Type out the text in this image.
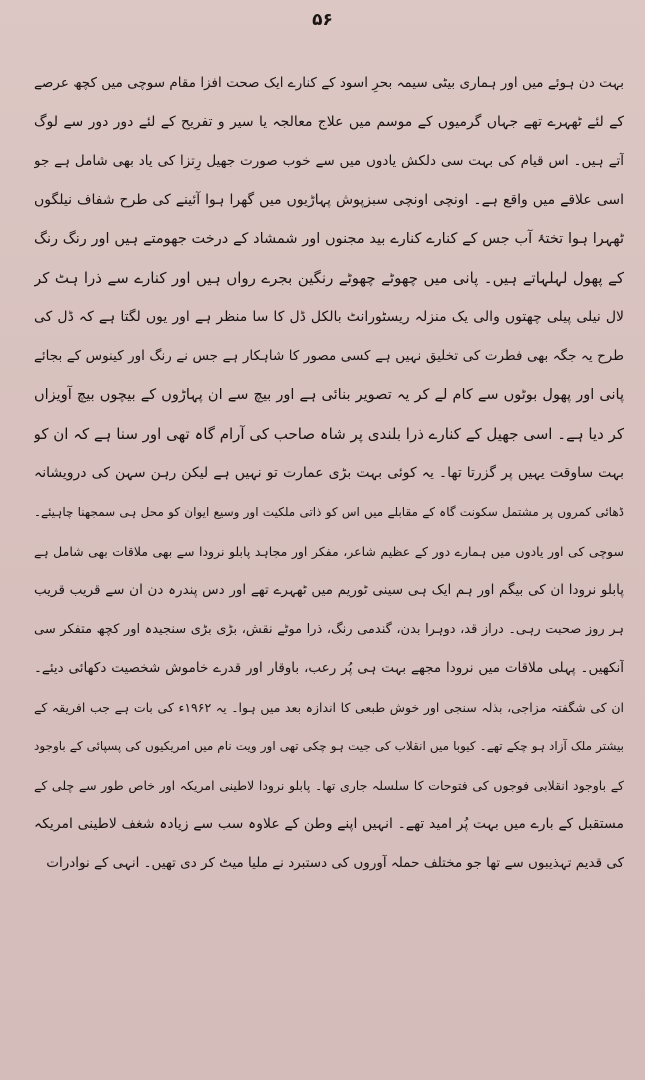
۵۶
بہت دن ہوئے میں اور ہماری بیٹی سیمہ بحرِ اسود کے کنارے ایک صحت افزا مقام سوچی میں کچھ عرصے
کے لئے ٹھہرے تھے جہاں گرمیوں کے موسم میں علاج معالجہ یا سیر و تفریح کے لئے دور دور سے لوگ
آتے ہیں۔ اس قیام کی بہت سی دلکش یادوں میں سے خوب صورت جھیل رِتزا کی یاد بھی شامل ہے جو
اسی علاقے میں واقع ہے۔ اونچی اونچی سبزپوش پہاڑیوں میں گھرا ہوا آئینے کی طرح شفاف نیلگوں
ٹھہرا ہوا تختۂ آب جس کے کنارے کنارے بید مجنوں اور شمشاد کے درخت جھومتے ہیں اور رنگ رنگ
کے پھول لہلہاتے ہیں۔ پانی میں چھوٹے چھوٹے رنگین بجرے رواں ہیں اور کنارے سے ذرا ہٹ کر
لال نیلی پیلی چھتوں والی یک منزلہ ریسٹورانٹ بالکل ڈل کا سا منظر ہے اور یوں لگتا ہے کہ ڈل کی
طرح یہ جگہ بھی فطرت کی تخلیق نہیں ہے کسی مصور کا شاہکار ہے جس نے رنگ اور کینوس کے بجائے
پانی اور پھول بوٹوں سے کام لے کر یہ تصویر بنائی ہے اور بیچ سے ان پہاڑوں کے بیچوں بیچ آویزاں
کر دیا ہے۔ اسی جھیل کے کنارے ذرا بلندی پر شاہ صاحب کی آرام گاہ تھی اور سنا ہے کہ ان کو
بہت ساوقت یہیں پر گزرتا تھا۔ یہ کوئی بہت بڑی عمارت تو نہیں ہے لیکن رہن سہن کی درویشانہ
ڈھائی کمروں پر مشتمل سکونت گاہ کے مقابلے میں اس کو ذاتی ملکیت اور وسیع ایوان کو محل ہی سمجھنا چاہیئے۔
سوچی کی اور یادوں میں ہمارے دور کے عظیم شاعر، مفکر اور مجاہد پابلو نرودا سے بھی ملاقات بھی شامل ہے
پابلو نرودا ان کی بیگم اور ہم ایک ہی سینی ٹوریم میں ٹھہرے تھے اور دس پندرہ دن ان سے قریب قریب
ہر روز صحبت رہی۔ دراز قد، دوہرا بدن، گندمی رنگ، ذرا موٹے نقش، بڑی بڑی سنجیدہ اور کچھ متفکر سی
آنکھیں۔ پہلی ملاقات میں نرودا مجھے بہت ہی پُر رعب، باوقار اور قدرے خاموش شخصیت دکھائی دیئے۔
ان کی شگفتہ مزاجی، بذلہ سنجی اور خوش طبعی کا اندازہ بعد میں ہوا۔ یہ ۱۹۶۲ء کی بات ہے جب افریقہ کے
بیشتر ملک آزاد ہو چکے تھے۔ کیوبا میں انقلاب کی جیت ہو چکی تھی اور ویت نام میں امریکیوں کی پسپائی کے باوجود
کے باوجود انقلابی فوجوں کی فتوحات کا سلسلہ جاری تھا۔ پابلو نرودا لاطینی امریکہ اور خاص طور سے چلی کے
مستقبل کے بارے میں بہت پُر امید تھے۔ انہیں اپنے وطن کے علاوہ سب سے زیادہ شغف لاطینی امریکہ
کی قدیم تہذیبوں سے تھا جو مختلف حملہ آوروں کی دستبرد نے ملیا میٹ کر دی تھیں۔ انہی کے نوادرات
